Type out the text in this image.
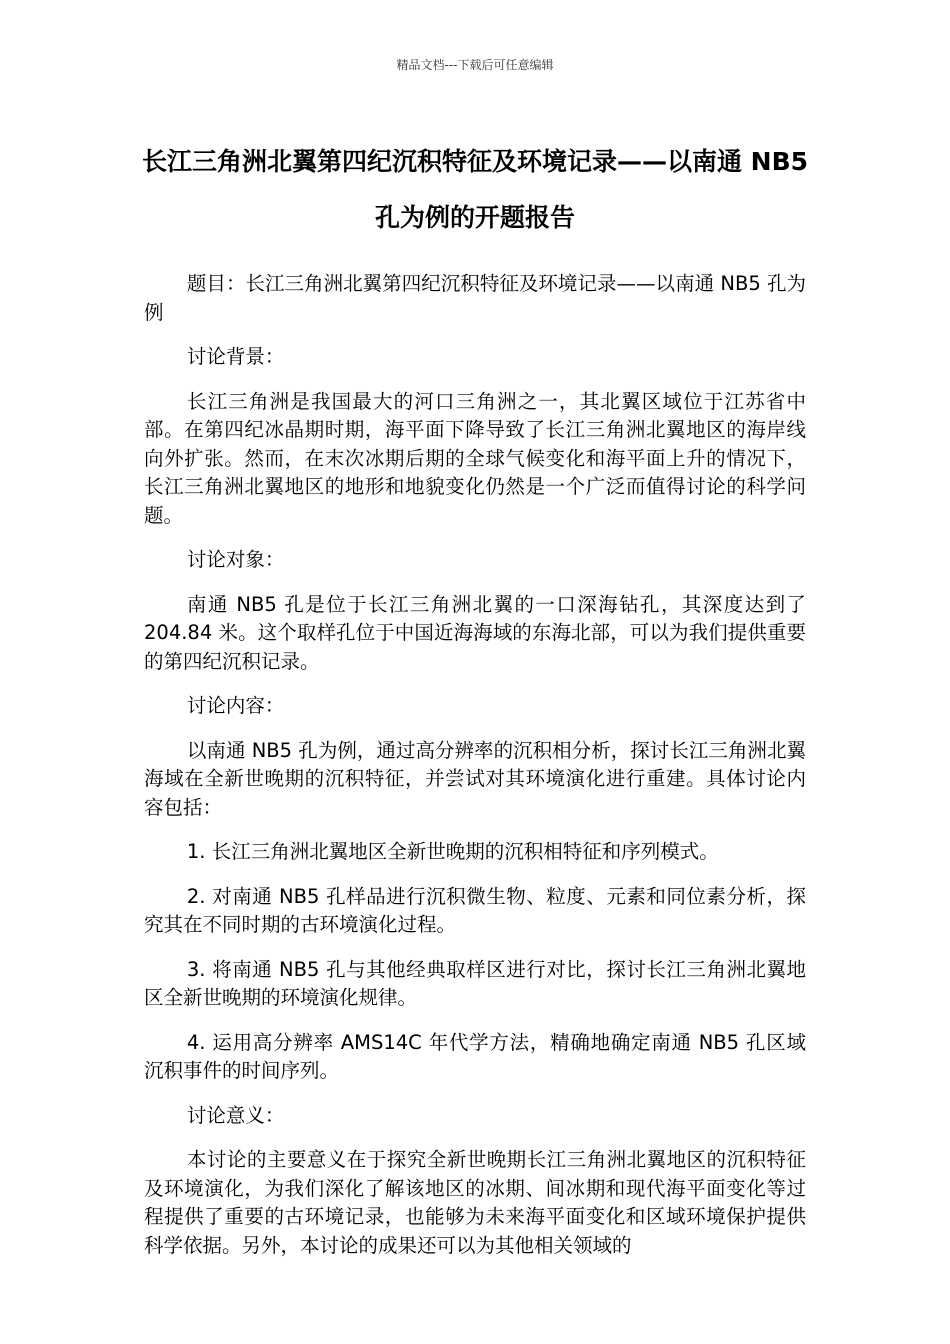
精品文档---下载后可任意编辑
长江三角洲北翼第四纪沉积特征及环境记录——以南通 NB5 孔为例的开题报告

题目：长江三角洲北翼第四纪沉积特征及环境记录——以南通 NB5 孔为例

讨论背景：

长江三角洲是我国最大的河口三角洲之一，其北翼区域位于江苏省中部。在第四纪冰晶期时期，海平面下降导致了长江三角洲北翼地区的海岸线向外扩张。然而，在末次冰期后期的全球气候变化和海平面上升的情况下，长江三角洲北翼地区的地形和地貌变化仍然是一个广泛而值得讨论的科学问题。

讨论对象：

南通 NB5 孔是位于长江三角洲北翼的一口深海钻孔，其深度达到了 204.84 米。这个取样孔位于中国近海海域的东海北部，可以为我们提供重要的第四纪沉积记录。

讨论内容：

以南通 NB5 孔为例，通过高分辨率的沉积相分析，探讨长江三角洲北翼海域在全新世晚期的沉积特征，并尝试对其环境演化进行重建。具体讨论内容包括：

1. 长江三角洲北翼地区全新世晚期的沉积相特征和序列模式。

2. 对南通 NB5 孔样品进行沉积微生物、粒度、元素和同位素分析，探究其在不同时期的古环境演化过程。

3. 将南通 NB5 孔与其他经典取样区进行对比，探讨长江三角洲北翼地区全新世晚期的环境演化规律。

4. 运用高分辨率 AMS14C 年代学方法，精确地确定南通 NB5 孔区域沉积事件的时间序列。

讨论意义：

本讨论的主要意义在于探究全新世晚期长江三角洲北翼地区的沉积特征及环境演化，为我们深化了解该地区的冰期、间冰期和现代海平面变化等过程提供了重要的古环境记录，也能够为未来海平面变化和区域环境保护提供科学依据。另外，本讨论的成果还可以为其他相关领域的
